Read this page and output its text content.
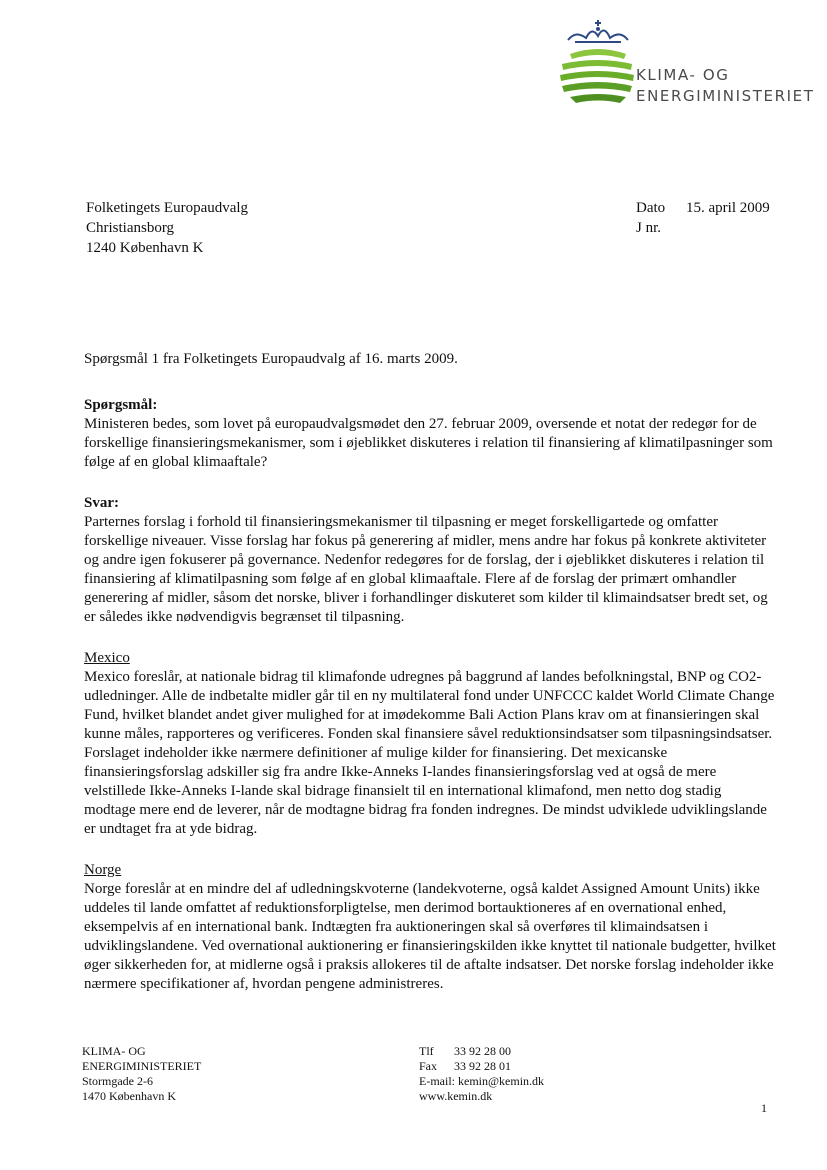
KLIMA- OG
ENERGIMINISTERIET
Folketingets Europaudvalg
Christiansborg
1240 København K
Dato 15. april 2009
J nr.

Spørgsmål 1 fra Folketingets Europaudvalg af 16. marts 2009.

Spørgsmål:

Ministeren bedes, som lovet på europaudvalgsmødet den 27. februar 2009, oversende et notat der redegør for de forskellige finansieringsmekanismer, som i øjeblikket diskuteres i relation til finansiering af klimatilpasninger som følge af en global klimaaftale?

Svar:

Parternes forslag i forhold til finansieringsmekanismer til tilpasning er meget forskelligartede og omfatter forskellige niveauer. Visse forslag har fokus på generering af midler, mens andre har fokus på konkrete aktiviteter og andre igen fokuserer på governance. Nedenfor redegøres for de forslag, der i øjeblikket diskuteres i relation til finansiering af klimatilpasning som følge af en global klimaaftale. Flere af de forslag der primært omhandler generering af midler, såsom det norske, bliver i forhandlinger diskuteret som kilder til klimaindsatser bredt set, og er således ikke nødvendigvis begrænset til tilpasning.

Mexico

Mexico foreslår, at nationale bidrag til klimafonde udregnes på baggrund af landes befolkningstal, BNP og CO2-udledninger. Alle de indbetalte midler går til en ny multilateral fond under UNFCCC kaldet World Climate Change Fund, hvilket blandet andet giver mulighed for at imødekomme Bali Action Plans krav om at finansieringen skal kunne måles, rapporteres og verificeres. Fonden skal finansiere såvel reduktionsindsatser som tilpasningsindsatser. Forslaget indeholder ikke nærmere definitioner af mulige kilder for finansiering. Det mexicanske finansieringsforslag adskiller sig fra andre Ikke-Anneks I-landes finansieringsforslag ved at også de mere velstillede Ikke-Anneks I-lande skal bidrage finansielt til en international klimafond, men netto dog stadig modtage mere end de leverer, når de modtagne bidrag fra fonden indregnes. De mindst udviklede udviklingslande er undtaget fra at yde bidrag.

Norge

Norge foreslår at en mindre del af udledningskvoterne (landekvoterne, også kaldet Assigned Amount Units) ikke uddeles til lande omfattet af reduktionsforpligtelse, men derimod bortauktioneres af en overnational enhed, eksempelvis af en international bank. Indtægten fra auktioneringen skal så overføres til klimaindsatsen i udviklingslandene. Ved overnational auktionering er finansieringskilden ikke knyttet til nationale budgetter, hvilket øger sikkerheden for, at midlerne også i praksis allokeres til de aftalte indsatser. Det norske forslag indeholder ikke nærmere specifikationer af, hvordan pengene administreres.

KLIMA- OG
ENERGIMINISTERIET
Stormgade 2-6
1470 København K
Tlf 33 92 28 00
Fax 33 92 28 01
E-mail: kemin@kemin.dk
www.kemin.dk
1
